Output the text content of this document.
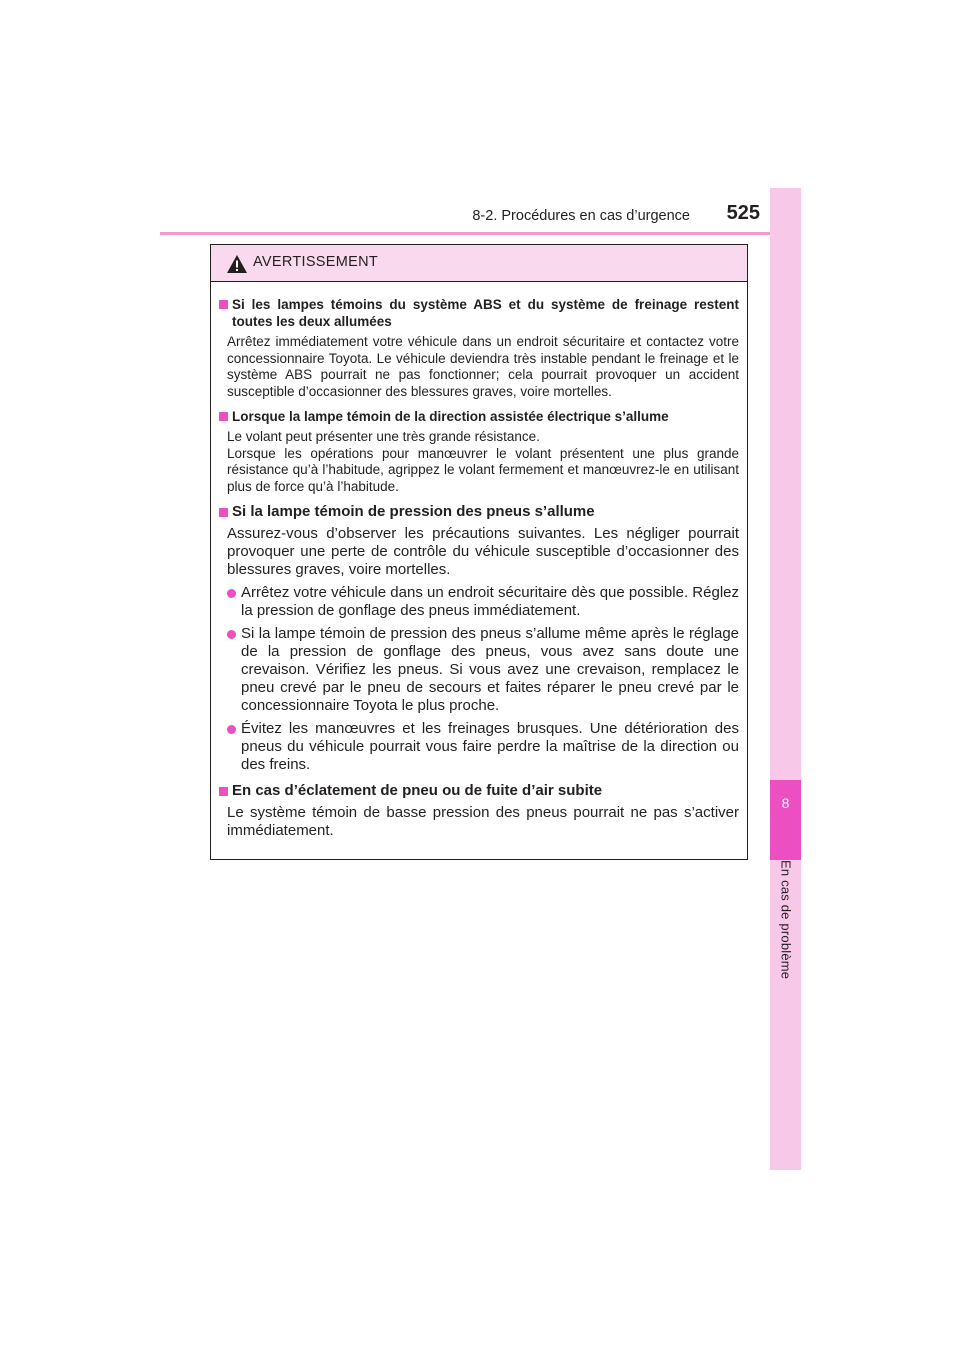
8-2. Procédures en cas d’urgence	525
8
En cas de problème
AVERTISSEMENT
Si les lampes témoins du système ABS et du système de freinage restent toutes les deux allumées
Arrêtez immédiatement votre véhicule dans un endroit sécuritaire et contactez votre concessionnaire Toyota. Le véhicule deviendra très instable pendant le freinage et le système ABS pourrait ne pas fonctionner; cela pourrait provoquer un accident susceptible d’occasionner des blessures graves, voire mortelles.
Lorsque la lampe témoin de la direction assistée électrique s’allume
Le volant peut présenter une très grande résistance.
Lorsque les opérations pour manœuvrer le volant présentent une plus grande résistance qu’à l’habitude, agrippez le volant fermement et manœuvrez-le en utilisant plus de force qu’à l’habitude.
Si la lampe témoin de pression des pneus s’allume
Assurez-vous d’observer les précautions suivantes. Les négliger pourrait provoquer une perte de contrôle du véhicule susceptible d’occasionner des blessures graves, voire mortelles.
Arrêtez votre véhicule dans un endroit sécuritaire dès que possible. Réglez la pression de gonflage des pneus immédiatement.
Si la lampe témoin de pression des pneus s’allume même après le réglage de la pression de gonflage des pneus, vous avez sans doute une crevaison. Vérifiez les pneus. Si vous avez une crevaison, remplacez le pneu crevé par le pneu de secours et faites réparer le pneu crevé par le concessionnaire Toyota le plus proche.
Évitez les manœuvres et les freinages brusques. Une détérioration des pneus du véhicule pourrait vous faire perdre la maîtrise de la direction ou des freins.
En cas d’éclatement de pneu ou de fuite d’air subite
Le système témoin de basse pression des pneus pourrait ne pas s’activer immédiatement.
